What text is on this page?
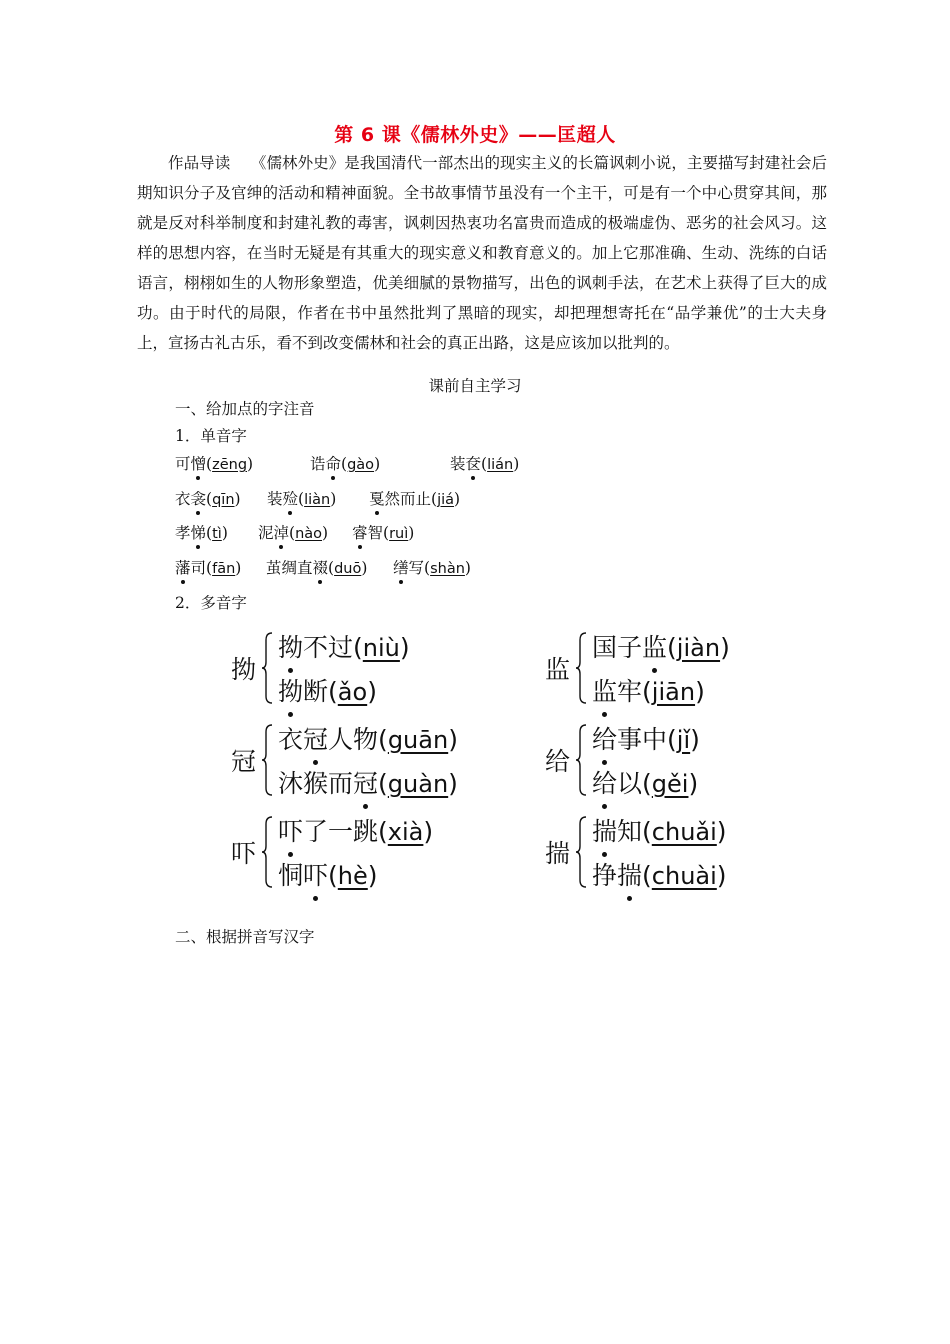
第 6 课《儒林外史》——匡超人

作品导读　 《儒林外史》是我国清代一部杰出的现实主义的长篇讽刺小说，主要描写封建社会后期知识分子及官绅的活动和精神面貌。全书故事情节虽没有一个主干，可是有一个中心贯穿其间，那就是反对科举制度和封建礼教的毒害，讽刺因热衷功名富贵而造成的极端虚伪、恶劣的社会风习。这样的思想内容，在当时无疑是有其重大的现实意义和教育意义的。加上它那准确、生动、洗练的白话语言，栩栩如生的人物形象塑造，优美细腻的景物描写，出色的讽刺手法，在艺术上获得了巨大的成功。由于时代的局限，作者在书中虽然批判了黑暗的现实，却把理想寄托在“品学兼优”的士大夫身上，宣扬古礼古乐，看不到改变儒林和社会的真正出路，这是应该加以批判的。

课前自主学习
一、给加点的字注音
1．单音字
可憎(zēng)	诰命(gào)	装奁(lián)
衣衾(qīn) 装殓(liàn) 戛然而止(jiá)
孝悌(tì) 泥淖(nào) 睿智(ruì)
藩司(fān) 茧绸直裰(duō) 缮写(shàn)
2．多音字
拗
拗不过(niù)
拗断(ǎo)
监
国子监(jiàn)
监牢(jiān)
冠
衣冠人物(guān)
沐猴而冠(guàn)
给
给事中(jǐ)
给以(gěi)
吓
吓了一跳(xià)
恫吓(hè)
揣
揣知(chuǎi)
挣揣(chuài)
二、根据拼音写汉字
